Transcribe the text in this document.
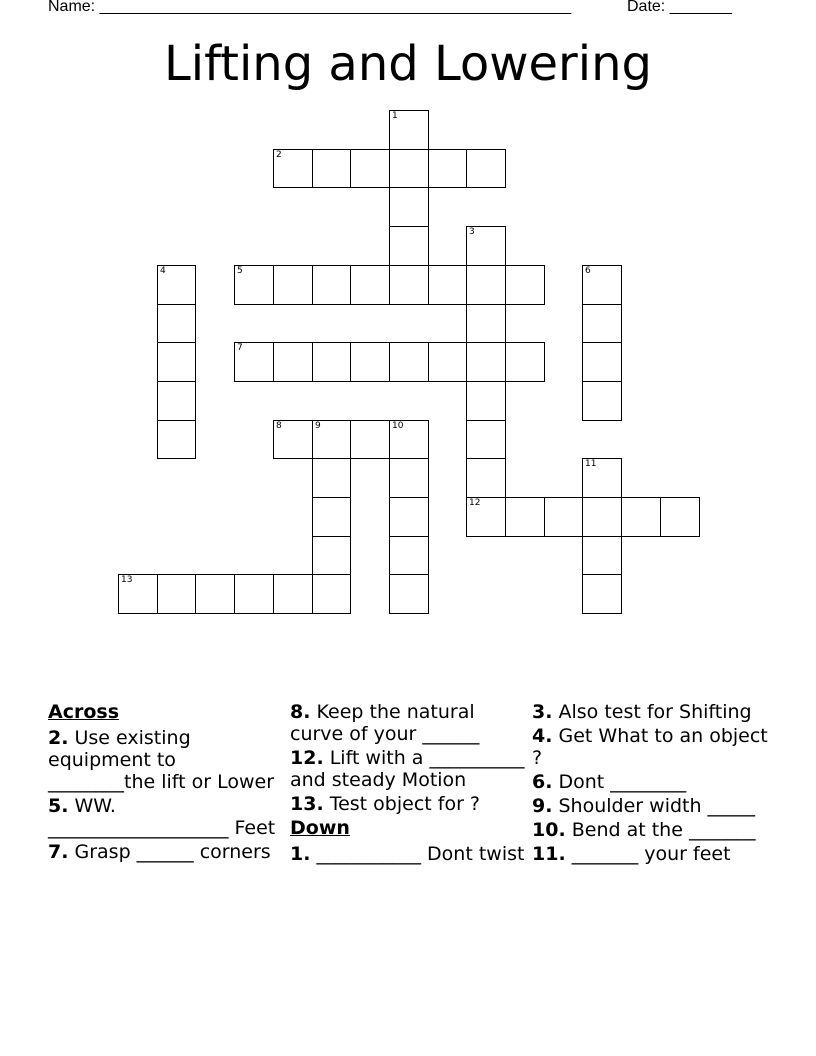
Name: _____________________________________________________	Date: _______
Lifting and Lowering
1
2
3
4	5	6
7
8	9	10
11
12
13
Across
2. Use existing equipment to ________the lift or Lower
5. WW. ___________________ Feet
7. Grasp ______ corners
8. Keep the natural curve of your ______
12. Lift with a __________ and steady Motion
13. Test object for ?
Down
1. ___________ Dont twist
3. Also test for Shifting
4. Get What to an object ?
6. Dont ________
9. Shoulder width _____
10. Bend at the _______
11. _______ your feet
